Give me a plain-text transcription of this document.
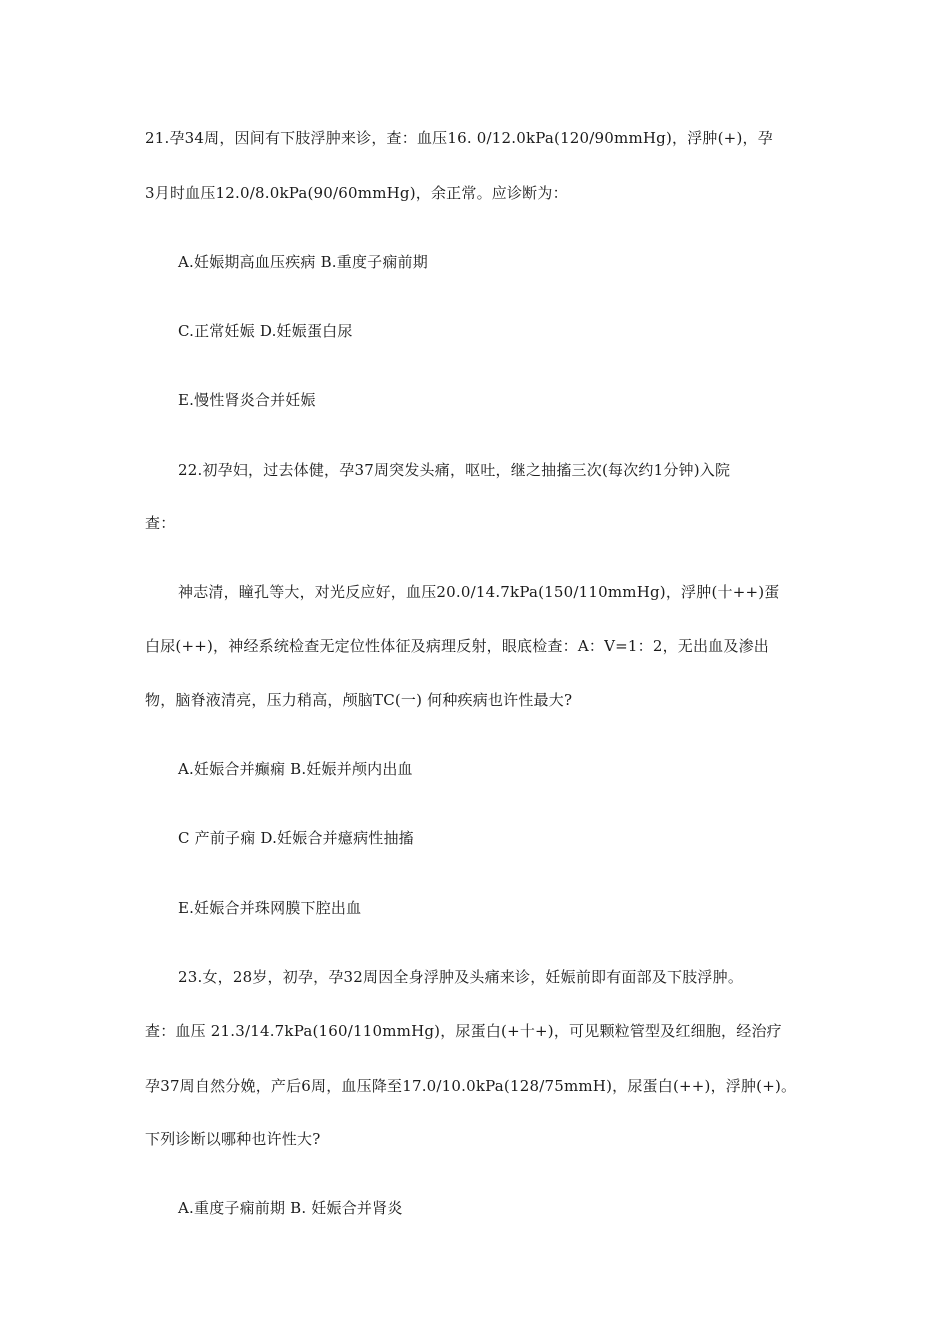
21.孕34周，因间有下肢浮肿来诊，查：血压16. 0/12.0kPa(120/90mmHg)，浮肿(+)，孕
3月时血压12.0/8.0kPa(90/60mmHg)，余正常。应诊断为：
A.妊娠期高血压疾病 B.重度子痫前期
C.正常妊娠 D.妊娠蛋白尿
E.慢性肾炎合并妊娠
22.初孕妇，过去体健，孕37周突发头痛，呕吐，继之抽搐三次(每次约1分钟)入院
查：
神志清，瞳孔等大，对光反应好，血压20.0/14.7kPa(150/110mmHg)，浮肿(十++)蛋
白尿(++)，神经系统检查无定位性体征及病理反射，眼底检查：A：V=1：2，无出血及渗出
物，脑脊液清亮，压力稍高，颅脑TC(一) 何种疾病也许性最大?
A.妊娠合并癫痫 B.妊娠并颅内出血
C 产前子痫 D.妊娠合并癔病性抽搐
E.妊娠合并珠网膜下腔出血
23.女，28岁，初孕，孕32周因全身浮肿及头痛来诊，妊娠前即有面部及下肢浮肿。
查：血压 21.3/14.7kPa(160/110mmHg)，尿蛋白(+十+)，可见颗粒管型及红细胞，经治疗
孕37周自然分娩，产后6周，血压降至17.0/10.0kPa(128/75mmH)，尿蛋白(++)，浮肿(+)。
下列诊断以哪种也许性大?
A.重度子痫前期 B. 妊娠合并肾炎
